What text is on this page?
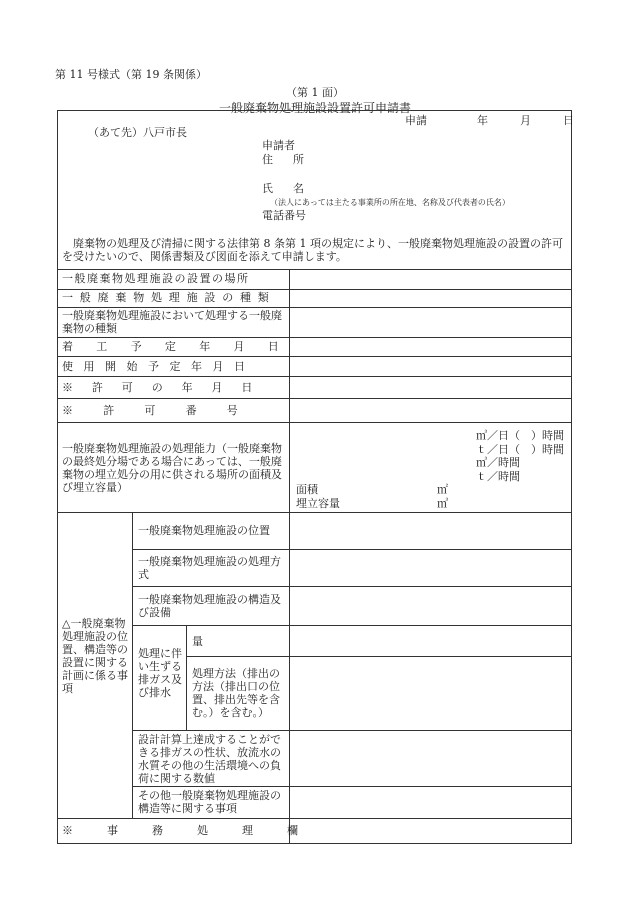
第 11 号様式（第 19 条関係）
（第 1 面）
一般廃棄物処理施設設置許可申請書
申請	年	月	日
（あて先）八戸市長
申請者
住 所
氏 名
（法人にあっては主たる事業所の所在地、名称及び代表者の氏名）
電話番号
廃棄物の処理及び清掃に関する法律第 8 条第 1 項の規定により、一般廃棄物処理施設の設置の許可を受けたいので、関係書類及び図面を添えて申請します。
一般廃棄物処理施設の設置の場所
一般廃棄物処理施設の種類
一般廃棄物処理施設において処理する一般廃棄物の種類
着工予定年月日
使用開始予定年月日
※許可の年月日
※許可番号
一般廃棄物処理施設の処理能力（一般廃棄物の最終処分場である場合にあっては、一般廃棄物の埋立処分の用に供される場所の面積及び埋立容量）
㎥／日（　）時間
ｔ／日（　）時間
㎥／時間
ｔ／時間
面積	㎡
埋立容量	㎥
△一般廃棄物処理施設の位置、構造等の設置に関する計画に係る事項
一般廃棄物処理施設の位置
一般廃棄物処理施設の処理方式
一般廃棄物処理施設の構造及び設備
処理に伴い生ずる排ガス及び排水
量
処理方法（排出の方法（排出口の位置、排出先等を含む。）を含む。）
設計計算上達成することができる排ガスの性状、放流水の水質その他の生活環境への負荷に関する数値
その他一般廃棄物処理施設の構造等に関する事項
※事務処理欄
